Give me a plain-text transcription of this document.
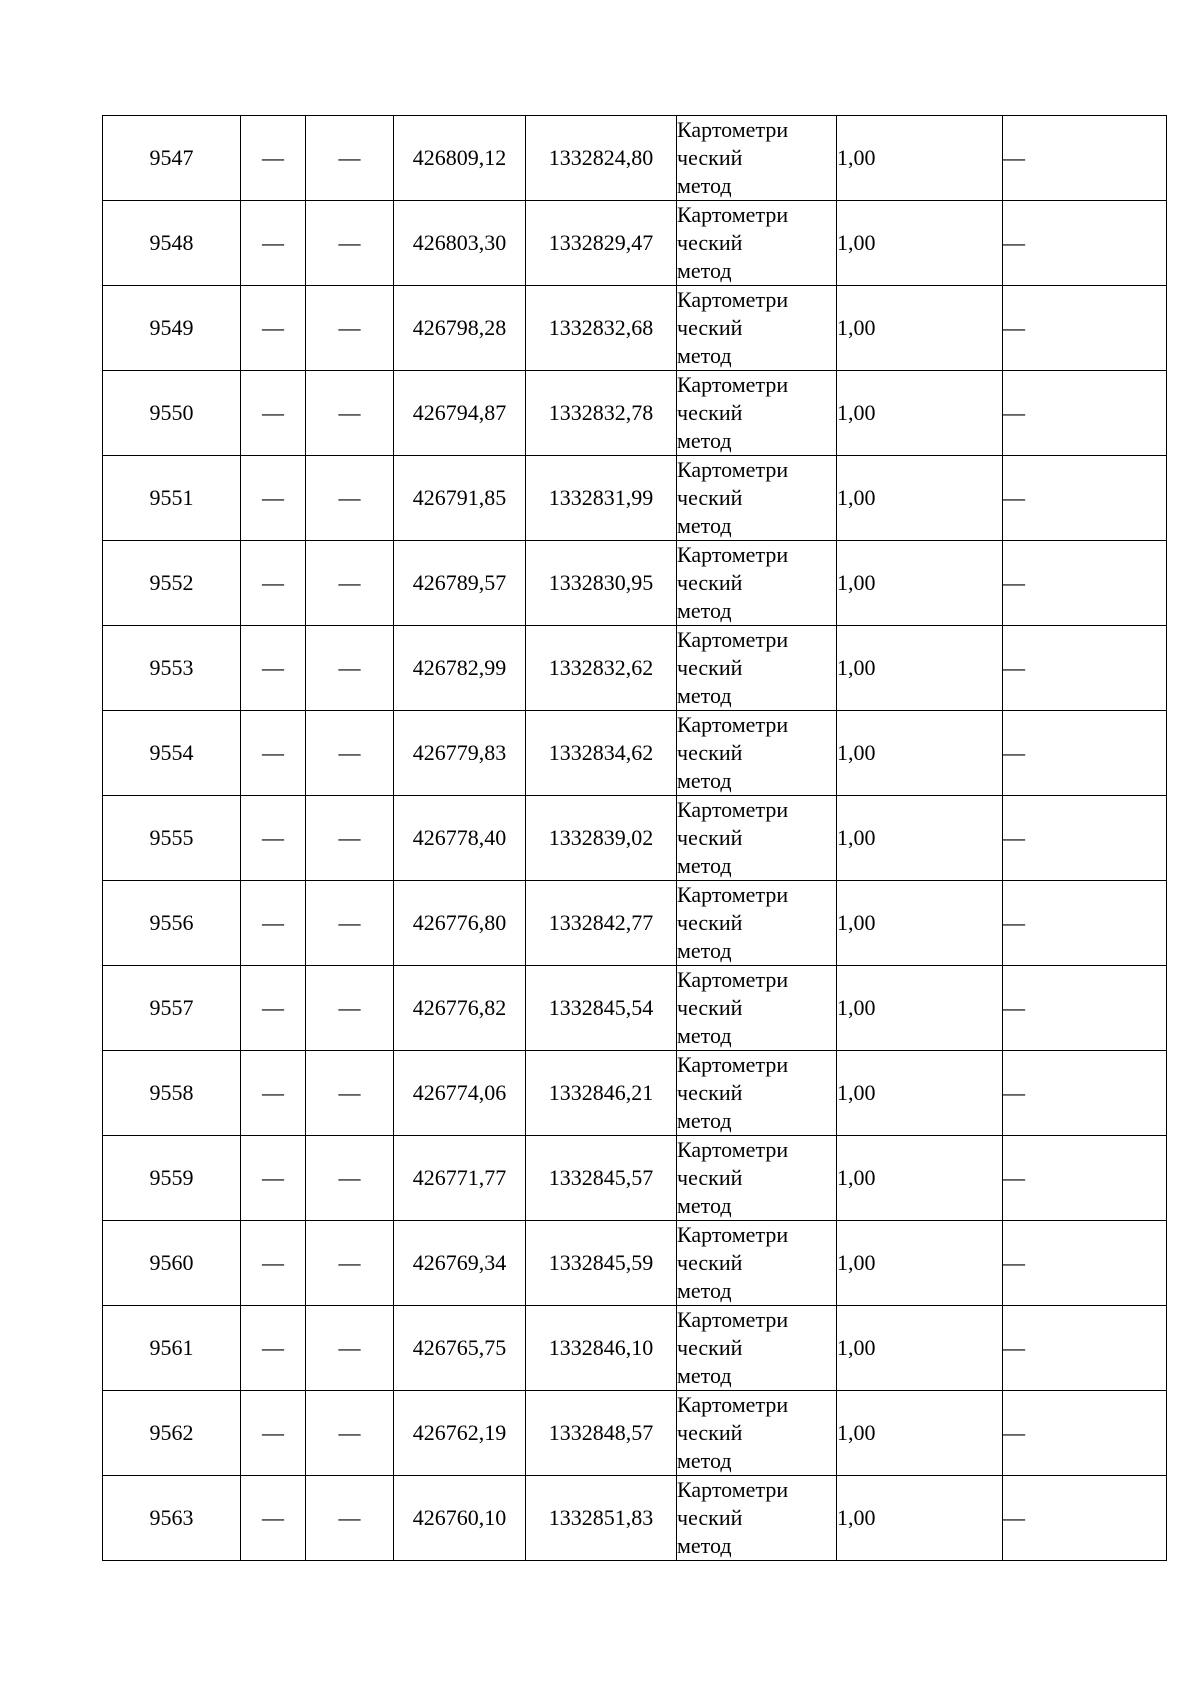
9547	—	—	426809,12	1332824,80	Картометри
ческий
метод	1,00	—
9548	—	—	426803,30	1332829,47	Картометри
ческий
метод	1,00	—
9549	—	—	426798,28	1332832,68	Картометри
ческий
метод	1,00	—
9550	—	—	426794,87	1332832,78	Картометри
ческий
метод	1,00	—
9551	—	—	426791,85	1332831,99	Картометри
ческий
метод	1,00	—
9552	—	—	426789,57	1332830,95	Картометри
ческий
метод	1,00	—
9553	—	—	426782,99	1332832,62	Картометри
ческий
метод	1,00	—
9554	—	—	426779,83	1332834,62	Картометри
ческий
метод	1,00	—
9555	—	—	426778,40	1332839,02	Картометри
ческий
метод	1,00	—
9556	—	—	426776,80	1332842,77	Картометри
ческий
метод	1,00	—
9557	—	—	426776,82	1332845,54	Картометри
ческий
метод	1,00	—
9558	—	—	426774,06	1332846,21	Картометри
ческий
метод	1,00	—
9559	—	—	426771,77	1332845,57	Картометри
ческий
метод	1,00	—
9560	—	—	426769,34	1332845,59	Картометри
ческий
метод	1,00	—
9561	—	—	426765,75	1332846,10	Картометри
ческий
метод	1,00	—
9562	—	—	426762,19	1332848,57	Картометри
ческий
метод	1,00	—
9563	—	—	426760,10	1332851,83	Картометри
ческий
метод	1,00	—
